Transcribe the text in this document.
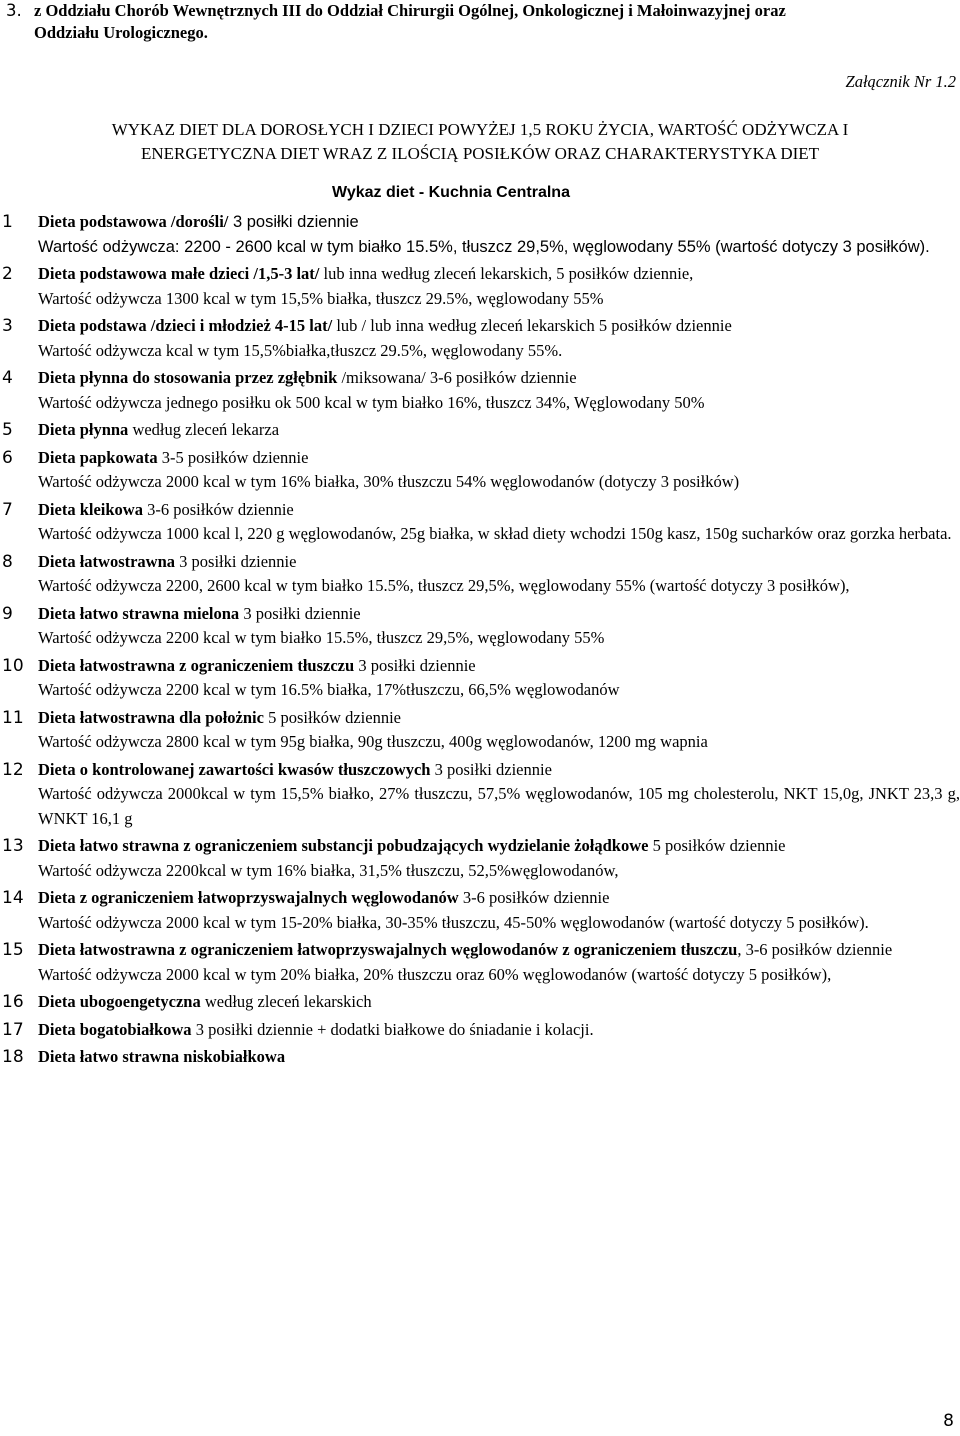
3. z Oddziału Chorób Wewnętrznych III do Oddział Chirurgii Ogólnej, Onkologicznej i Małoinwazyjnej oraz
Oddziału Urologicznego.
Załącznik Nr 1.2
WYKAZ DIET DLA DOROSŁYCH I DZIECI POWYŻEJ 1,5 ROKU ŻYCIA, WARTOŚĆ ODŻYWCZA I
ENERGETYCZNA DIET WRAZ Z ILOŚCIĄ POSIŁKÓW ORAZ CHARAKTERYSTYKA DIET
Wykaz diet - Kuchnia Centralna
1 Dieta podstawowa /dorośli/ 3 posiłki dziennie
Wartość odżywcza: 2200 - 2600 kcal w tym białko 15.5%, tłuszcz 29,5%, węglowodany 55% (wartość dotyczy 3 posiłków).
2 Dieta podstawowa małe dzieci /1,5-3 lat/ lub inna według zleceń lekarskich, 5 posiłków dziennie,
Wartość odżywcza 1300 kcal w tym 15,5% białka, tłuszcz 29.5%, węglowodany 55%
3 Dieta podstawa /dzieci i młodzież 4-15 lat/ lub / lub inna według zleceń lekarskich 5 posiłków dziennie
Wartość odżywcza kcal w tym 15,5%białka,tłuszcz 29.5%, węglowodany 55%.
4 Dieta płynna do stosowania przez zgłębnik /miksowana/ 3-6 posiłków dziennie
Wartość odżywcza jednego posiłku ok 500 kcal w tym białko 16%, tłuszcz 34%, Węglowodany 50%
5 Dieta płynna według zleceń lekarza
6 Dieta papkowata 3-5 posiłków dziennie
Wartość odżywcza 2000 kcal w tym 16% białka, 30% tłuszczu 54% węglowodanów (dotyczy 3 posiłków)
7 Dieta kleikowa 3-6 posiłków dziennie
Wartość odżywcza 1000 kcal l, 220 g węglowodanów, 25g białka, w skład diety wchodzi 150g kasz, 150g sucharków oraz gorzka herbata.
8 Dieta łatwostrawna 3 posiłki dziennie
Wartość odżywcza 2200, 2600 kcal w tym białko 15.5%, tłuszcz 29,5%, węglowodany 55% (wartość dotyczy 3 posiłków),
9 Dieta łatwo strawna mielona 3 posiłki dziennie
Wartość odżywcza 2200 kcal w tym białko 15.5%, tłuszcz 29,5%, węglowodany 55%
10 Dieta łatwostrawna z ograniczeniem tłuszczu 3 posiłki dziennie
Wartość odżywcza 2200 kcal w tym 16.5% białka, 17%tłuszczu, 66,5% węglowodanów
11 Dieta łatwostrawna dla położnic 5 posiłków dziennie
Wartość odżywcza 2800 kcal w tym 95g białka, 90g tłuszczu, 400g węglowodanów, 1200 mg wapnia
12 Dieta o kontrolowanej zawartości kwasów tłuszczowych 3 posiłki dziennie
Wartość odżywcza 2000kcal w tym 15,5% białko, 27% tłuszczu, 57,5% węglowodanów, 105 mg cholesterolu, NKT 15,0g, JNKT 23,3 g, WNKT 16,1 g
13 Dieta łatwo strawna z ograniczeniem substancji pobudzających wydzielanie żołądkowe 5 posiłków dziennie
Wartość odżywcza 2200kcal w tym 16% białka, 31,5% tłuszczu, 52,5%węglowodanów,
14 Dieta z ograniczeniem łatwoprzyswajalnych węglowodanów 3-6 posiłków dziennie
Wartość odżywcza 2000 kcal w tym 15-20% białka, 30-35% tłuszczu, 45-50% węglowodanów (wartość dotyczy 5 posiłków).
15 Dieta łatwostrawna z ograniczeniem łatwoprzyswajalnych węglowodanów z ograniczeniem tłuszczu, 3-6 posiłków dziennie
Wartość odżywcza 2000 kcal w tym 20% białka, 20% tłuszczu oraz 60% węglowodanów (wartość dotyczy 5 posiłków),
16 Dieta ubogoengetyczna według zleceń lekarskich
17 Dieta bogatobiałkowa 3 posiłki dziennie + dodatki białkowe do śniadanie i kolacji.
18 Dieta łatwo strawna niskobiałkowa
8
